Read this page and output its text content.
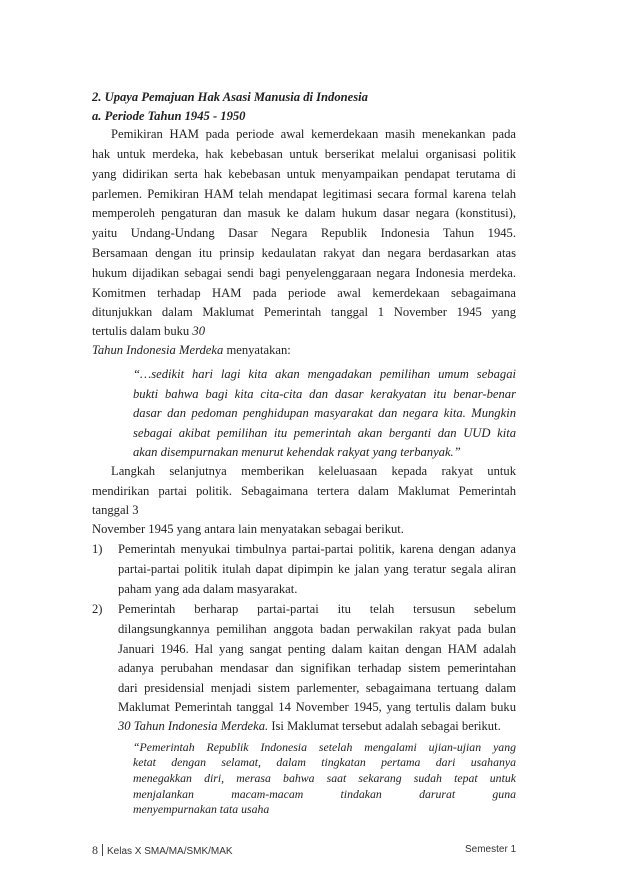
2. Upaya Pemajuan Hak Asasi Manusia di Indonesia
a. Periode Tahun 1945 - 1950
Pemikiran HAM pada periode awal kemerdekaan masih menekankan pada
hak untuk merdeka, hak kebebasan untuk berserikat melalui organisasi politik
yang didirikan serta hak kebebasan untuk menyampaikan pendapat terutama di
parlemen. Pemikiran HAM telah mendapat legitimasi secara formal karena telah
memperoleh pengaturan dan masuk ke dalam hukum dasar negara (konstitusi),
yaitu Undang-Undang Dasar Negara Republik Indonesia Tahun 1945.
Bersamaan dengan itu prinsip kedaulatan rakyat dan negara berdasarkan atas
hukum dijadikan sebagai sendi bagi penyelenggaraan negara Indonesia merdeka.
Komitmen terhadap HAM pada periode awal kemerdekaan sebagaimana
ditunjukkan dalam Maklumat Pemerintah tanggal 1 November 1945 yang
tertulis dalam buku 30
Tahun Indonesia Merdeka menyatakan:
“…sedikit hari lagi kita akan mengadakan pemilihan umum sebagai
bukti bahwa bagi kita cita-cita dan dasar kerakyatan itu benar-benar
dasar dan pedoman penghidupan masyarakat dan negara kita. Mungkin
sebagai akibat pemilihan itu pemerintah akan berganti dan UUD kita
akan disempurnakan menurut kehendak rakyat yang terbanyak.”
Langkah selanjutnya memberikan keleluasaan kepada rakyat untuk
mendirikan partai politik. Sebagaimana tertera dalam Maklumat Pemerintah
tanggal 3
November 1945 yang antara lain menyatakan sebagai berikut.
1) Pemerintah menyukai timbulnya partai-partai politik, karena dengan adanya
partai-partai politik itulah dapat dipimpin ke jalan yang teratur segala aliran
paham yang ada dalam masyarakat.
2) Pemerintah berharap partai-partai itu telah tersusun sebelum
dilangsungkannya pemilihan anggota badan perwakilan rakyat pada bulan
Januari 1946. Hal yang sangat penting dalam kaitan dengan HAM adalah
adanya perubahan mendasar dan signifikan terhadap sistem pemerintahan
dari presidensial menjadi sistem parlementer, sebagaimana tertuang dalam
Maklumat Pemerintah tanggal 14 November 1945, yang tertulis dalam buku
30 Tahun Indonesia Merdeka. Isi Maklumat tersebut adalah sebagai berikut.
“Pemerintah Republik Indonesia setelah mengalami ujian-ujian yang
ketat dengan selamat, dalam tingkatan pertama dari usahanya
menegakkan diri, merasa bahwa saat sekarang sudah tepat untuk
menjalankan macam-macam tindakan darurat guna
menyempurnakan tata usaha
8 Kelas X SMA/MA/SMK/MAK	Semester 1
